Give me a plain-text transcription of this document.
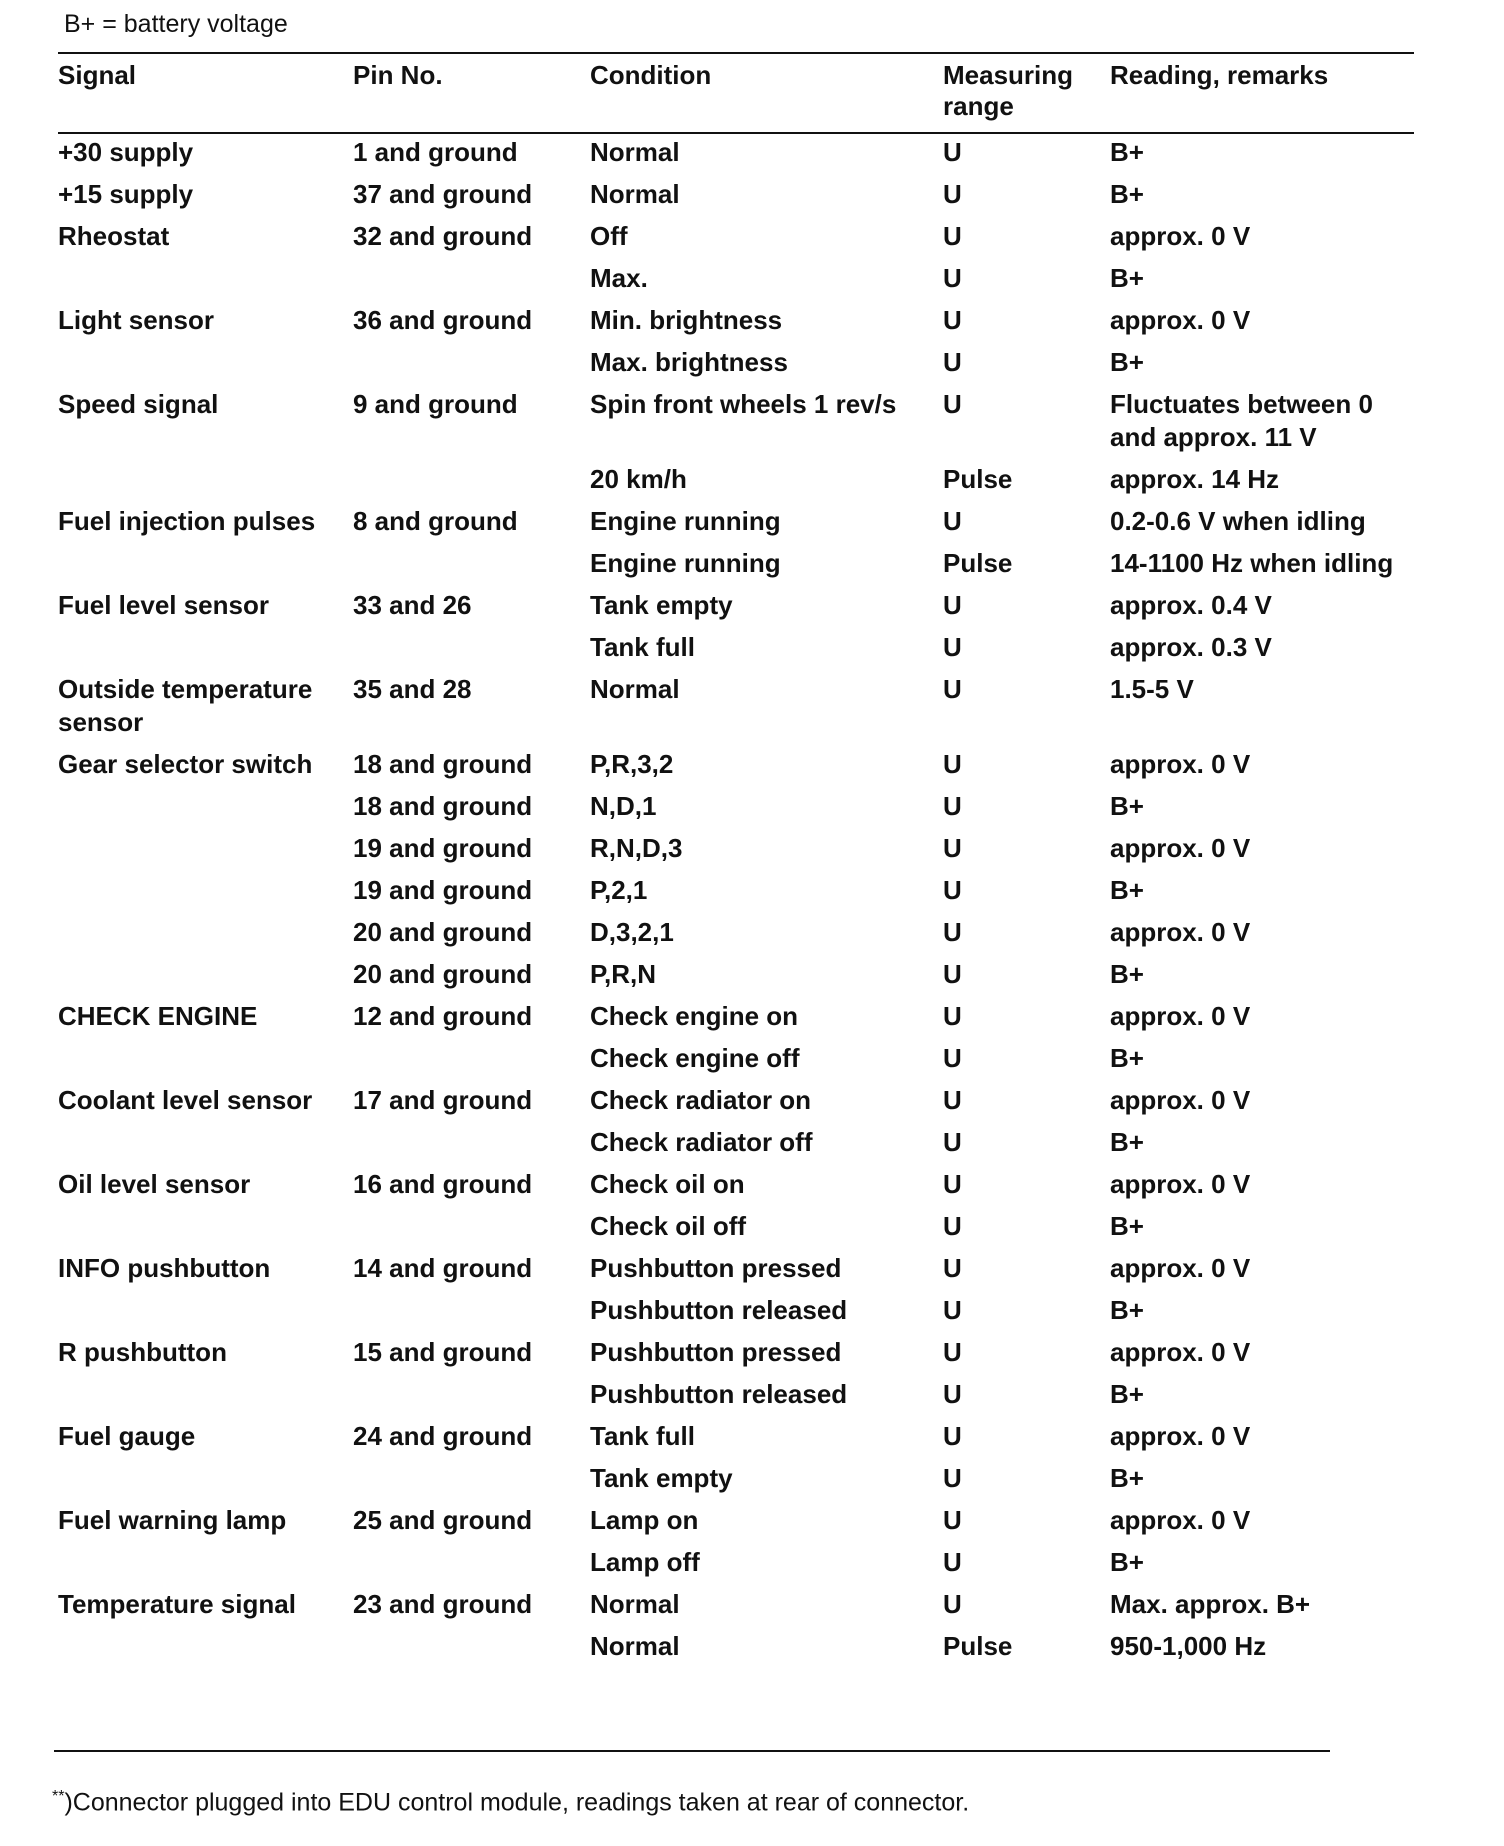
B+ = battery voltage
Signal	Pin No.	Condition	Measuring range	Reading, remarks
+30 supply	1 and ground	Normal	U	B+
+15 supply	37 and ground	Normal	U	B+
Rheostat	32 and ground	Off	U	approx. 0 V
		Max.	U	B+
Light sensor	36 and ground	Min. brightness	U	approx. 0 V
		Max. brightness	U	B+
Speed signal	9 and ground	Spin front wheels 1 rev/s	U	Fluctuates between 0 and approx. 11 V
		20 km/h	Pulse	approx. 14 Hz
Fuel injection pulses	8 and ground	Engine running	U	0.2-0.6 V when idling
		Engine running	Pulse	14-1100 Hz when idling
Fuel level sensor	33 and 26	Tank empty	U	approx. 0.4 V
		Tank full	U	approx. 0.3 V
Outside temperature sensor	35 and 28	Normal	U	1.5-5 V
Gear selector switch	18 and ground	P,R,3,2	U	approx. 0 V
	18 and ground	N,D,1	U	B+
	19 and ground	R,N,D,3	U	approx. 0 V
	19 and ground	P,2,1	U	B+
	20 and ground	D,3,2,1	U	approx. 0 V
	20 and ground	P,R,N	U	B+
CHECK ENGINE	12 and ground	Check engine on	U	approx. 0 V
		Check engine off	U	B+
Coolant level sensor	17 and ground	Check radiator on	U	approx. 0 V
		Check radiator off	U	B+
Oil level sensor	16 and ground	Check oil on	U	approx. 0 V
		Check oil off	U	B+
INFO pushbutton	14 and ground	Pushbutton pressed	U	approx. 0 V
		Pushbutton released	U	B+
R pushbutton	15 and ground	Pushbutton pressed	U	approx. 0 V
		Pushbutton released	U	B+
Fuel gauge	24 and ground	Tank full	U	approx. 0 V
		Tank empty	U	B+
Fuel warning lamp	25 and ground	Lamp on	U	approx. 0 V
		Lamp off	U	B+
Temperature signal	23 and ground	Normal	U	Max. approx. B+
		Normal	Pulse	950-1,000 Hz
**)Connector plugged into EDU control module, readings taken at rear of connector.
